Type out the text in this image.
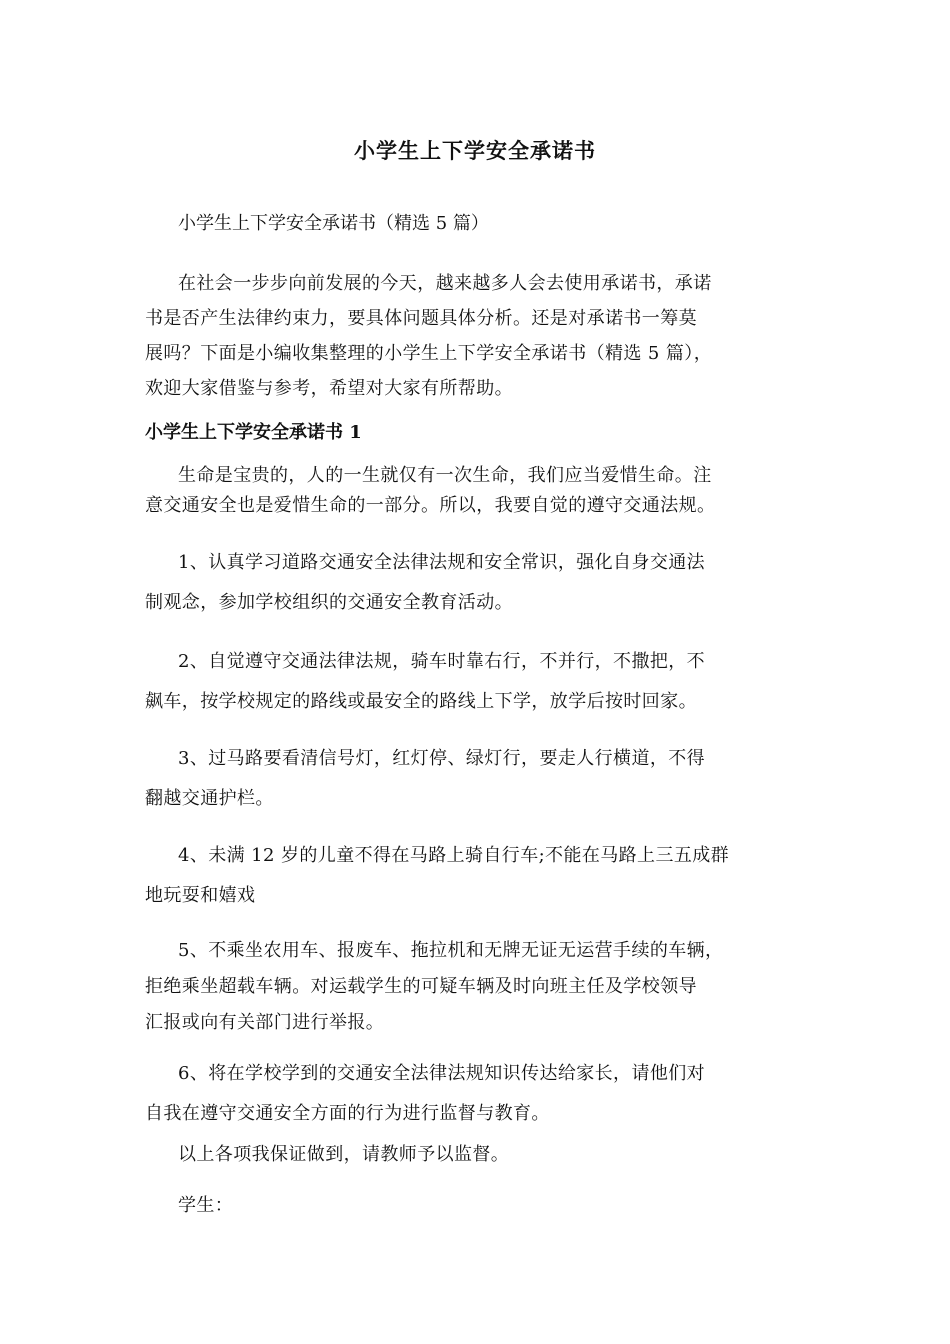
小学生上下学安全承诺书
小学生上下学安全承诺书（精选 5 篇）
在社会一步步向前发展的今天，越来越多人会去使用承诺书，承诺
书是否产生法律约束力，要具体问题具体分析。还是对承诺书一筹莫
展吗？下面是小编收集整理的小学生上下学安全承诺书（精选 5 篇），
欢迎大家借鉴与参考，希望对大家有所帮助。
小学生上下学安全承诺书 1
生命是宝贵的，人的一生就仅有一次生命，我们应当爱惜生命。注
意交通安全也是爱惜生命的一部分。所以，我要自觉的遵守交通法规。
1、认真学习道路交通安全法律法规和安全常识，强化自身交通法
制观念，参加学校组织的交通安全教育活动。
2、自觉遵守交通法律法规，骑车时靠右行，不并行，不撒把，不
飙车，按学校规定的路线或最安全的路线上下学，放学后按时回家。
3、过马路要看清信号灯，红灯停、绿灯行，要走人行横道，不得
翻越交通护栏。
4、未满 12 岁的儿童不得在马路上骑自行车;不能在马路上三五成群
地玩耍和嬉戏
5、不乘坐农用车、报废车、拖拉机和无牌无证无运营手续的车辆，
拒绝乘坐超载车辆。对运载学生的可疑车辆及时向班主任及学校领导
汇报或向有关部门进行举报。
6、将在学校学到的交通安全法律法规知识传达给家长，请他们对
自我在遵守交通安全方面的行为进行监督与教育。
以上各项我保证做到，请教师予以监督。
学生：
